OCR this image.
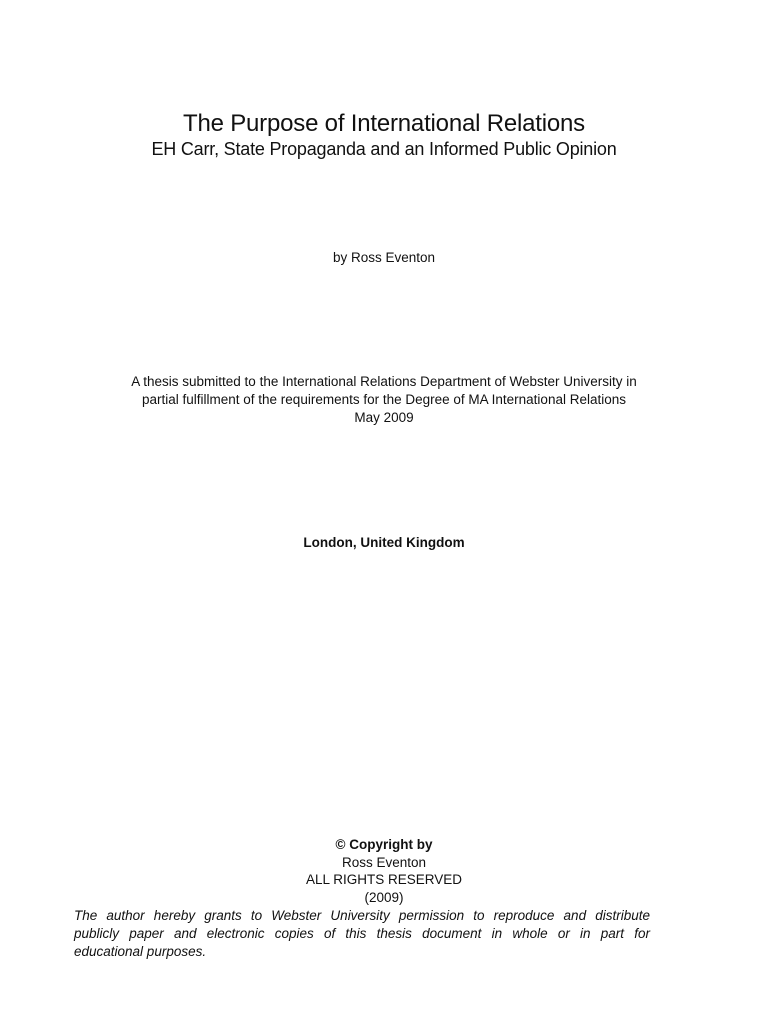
The Purpose of International Relations
EH Carr, State Propaganda and an Informed Public Opinion
by Ross Eventon
A thesis submitted to the International Relations Department of Webster University in
partial fulfillment of the requirements for the Degree of MA International Relations
May 2009
London, United Kingdom
© Copyright by
Ross Eventon
ALL RIGHTS RESERVED
(2009)
The author hereby grants to Webster University permission to reproduce and distribute
publicly paper and electronic copies of this thesis document in whole or in part for
educational purposes.
